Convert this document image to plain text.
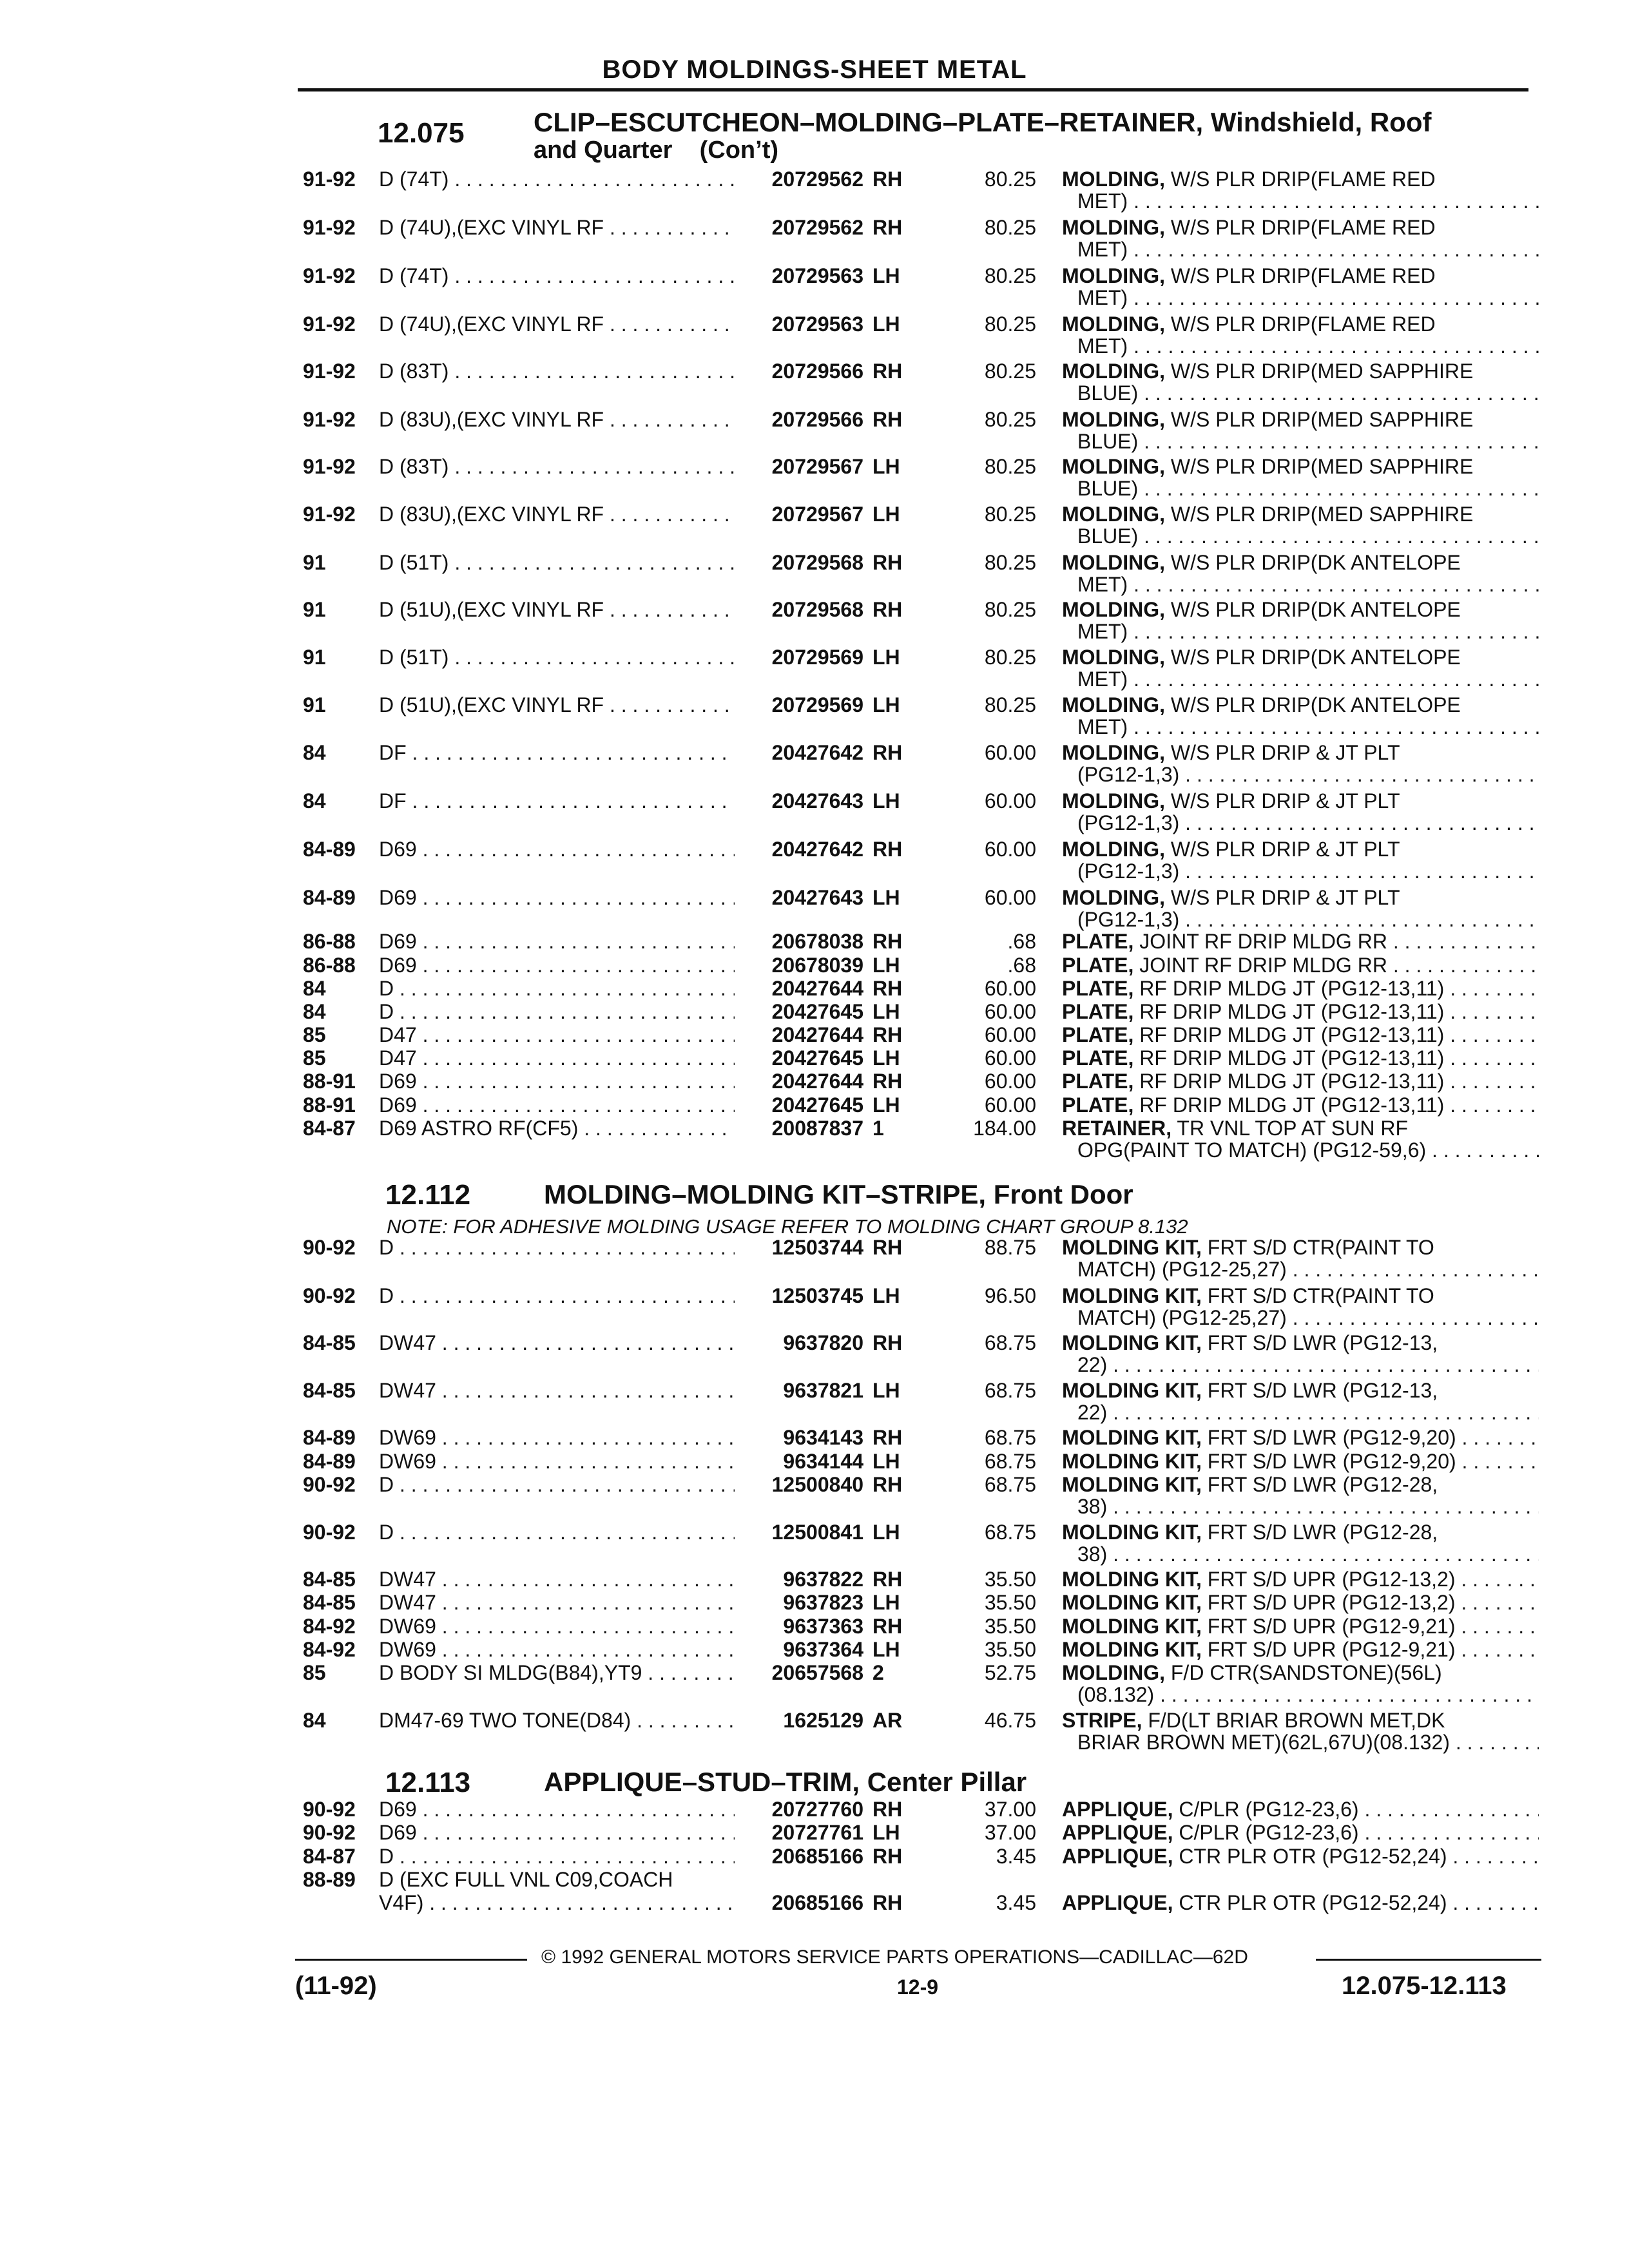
BODY MOLDINGS-SHEET METAL
12.075	CLIP–ESCUTCHEON–MOLDING–PLATE–RETAINER, Windshield, Roof
and Quarter    (Con’t)
91-92 D (74T) . . .	20729562 RH	80.25 MOLDING, W/S PLR DRIP(FLAME RED
MET) . . .
91-92 D (74U),(EXC VINYL RF . . .	20729562 RH	80.25 MOLDING, W/S PLR DRIP(FLAME RED
MET) . . .
91-92 D (74T) . . .	20729563 LH	80.25 MOLDING, W/S PLR DRIP(FLAME RED
MET) . . .
91-92 D (74U),(EXC VINYL RF . . .	20729563 LH	80.25 MOLDING, W/S PLR DRIP(FLAME RED
MET) . . .
91-92 D (83T) . . .	20729566 RH	80.25 MOLDING, W/S PLR DRIP(MED SAPPHIRE
BLUE) . . .
91-92 D (83U),(EXC VINYL RF . . .	20729566 RH	80.25 MOLDING, W/S PLR DRIP(MED SAPPHIRE
BLUE) . . .
91-92 D (83T) . . .	20729567 LH	80.25 MOLDING, W/S PLR DRIP(MED SAPPHIRE
BLUE) . . .
91-92 D (83U),(EXC VINYL RF . . .	20729567 LH	80.25 MOLDING, W/S PLR DRIP(MED SAPPHIRE
BLUE) . . .
91	D (51T) . . .	20729568 RH	80.25 MOLDING, W/S PLR DRIP(DK ANTELOPE
MET) . . .
91	D (51U),(EXC VINYL RF . . .	20729568 RH	80.25 MOLDING, W/S PLR DRIP(DK ANTELOPE
MET) . . .
91	D (51T) . . .	20729569 LH	80.25 MOLDING, W/S PLR DRIP(DK ANTELOPE
MET) . . .
91	D (51U),(EXC VINYL RF . . .	20729569 LH	80.25 MOLDING, W/S PLR DRIP(DK ANTELOPE
MET) . . .
84	DF . . .	20427642 RH	60.00 MOLDING, W/S PLR DRIP & JT PLT
(PG12-1,3) . . .
84	DF . . .	20427643 LH	60.00 MOLDING, W/S PLR DRIP & JT PLT
(PG12-1,3) . . .
84-89 D69 . . .	20427642 RH	60.00 MOLDING, W/S PLR DRIP & JT PLT
(PG12-1,3) . . .
84-89 D69 . . .	20427643 LH	60.00 MOLDING, W/S PLR DRIP & JT PLT
(PG12-1,3) . . .
86-88 D69 . . .	20678038 RH	.68 PLATE, JOINT RF DRIP MLDG RR . . .
86-88 D69 . . .	20678039 LH	.68 PLATE, JOINT RF DRIP MLDG RR . . .
84	D . . .	20427644 RH	60.00 PLATE, RF DRIP MLDG JT (PG12-13,11) . . .
84	D . . .	20427645 LH	60.00 PLATE, RF DRIP MLDG JT (PG12-13,11) . . .
85	D47 . . .	20427644 RH	60.00 PLATE, RF DRIP MLDG JT (PG12-13,11) . . .
85	D47 . . .	20427645 LH	60.00 PLATE, RF DRIP MLDG JT (PG12-13,11) . . .
88-91 D69 . . .	20427644 RH	60.00 PLATE, RF DRIP MLDG JT (PG12-13,11) . . .
88-91 D69 . . .	20427645 LH	60.00 PLATE, RF DRIP MLDG JT (PG12-13,11) . . .
84-87 D69 ASTRO RF(CF5) . . .	20087837 1	184.00 RETAINER, TR VNL TOP AT SUN RF
OPG(PAINT TO MATCH) (PG12-59,6) . . .
12.112	MOLDING–MOLDING KIT–STRIPE, Front Door
NOTE: FOR ADHESIVE MOLDING USAGE REFER TO MOLDING CHART GROUP 8.132
90-92 D . . .	12503744 RH	88.75 MOLDING KIT, FRT S/D CTR(PAINT TO
MATCH) (PG12-25,27) . . .
90-92 D . . .	12503745 LH	96.50 MOLDING KIT, FRT S/D CTR(PAINT TO
MATCH) (PG12-25,27) . . .
84-85 DW47 . . .	9637820 RH	68.75 MOLDING KIT, FRT S/D LWR (PG12-13,
22) . . .
84-85 DW47 . . .	9637821 LH	68.75 MOLDING KIT, FRT S/D LWR (PG12-13,
22) . . .
84-89 DW69 . . .	9634143 RH	68.75 MOLDING KIT, FRT S/D LWR (PG12-9,20) . . .
84-89 DW69 . . .	9634144 LH	68.75 MOLDING KIT, FRT S/D LWR (PG12-9,20) . . .
90-92 D . . .	12500840 RH	68.75 MOLDING KIT, FRT S/D LWR (PG12-28,
38) . . .
90-92 D . . .	12500841 LH	68.75 MOLDING KIT, FRT S/D LWR (PG12-28,
38) . . .
84-85 DW47 . . .	9637822 RH	35.50 MOLDING KIT, FRT S/D UPR (PG12-13,2) . . .
84-85 DW47 . . .	9637823 LH	35.50 MOLDING KIT, FRT S/D UPR (PG12-13,2) . . .
84-92 DW69 . . .	9637363 RH	35.50 MOLDING KIT, FRT S/D UPR (PG12-9,21) . . .
84-92 DW69 . . .	9637364 LH	35.50 MOLDING KIT, FRT S/D UPR (PG12-9,21) . . .
85	D BODY SI MLDG(B84),YT9 . . .	20657568 2	52.75 MOLDING, F/D CTR(SANDSTONE)(56L)
(08.132) . . .
84	DM47-69 TWO TONE(D84) . . .	1625129 AR	46.75 STRIPE, F/D(LT BRIAR BROWN MET,DK
BRIAR BROWN MET)(62L,67U)(08.132) . . .
12.113	APPLIQUE–STUD–TRIM, Center Pillar
90-92 D69 . . .	20727760 RH	37.00 APPLIQUE, C/PLR (PG12-23,6) . . .
90-92 D69 . . .	20727761 LH	37.00 APPLIQUE, C/PLR (PG12-23,6) . . .
84-87 D . . .	20685166 RH	3.45 APPLIQUE, CTR PLR OTR (PG12-52,24) . . .
88-89 D (EXC FULL VNL C09,COACH
V4F) . . .	20685166 RH	3.45 APPLIQUE, CTR PLR OTR (PG12-52,24) . . .
© 1992 GENERAL MOTORS SERVICE PARTS OPERATIONS—CADILLAC—62D
(11-92)	12-9	12.075-12.113
